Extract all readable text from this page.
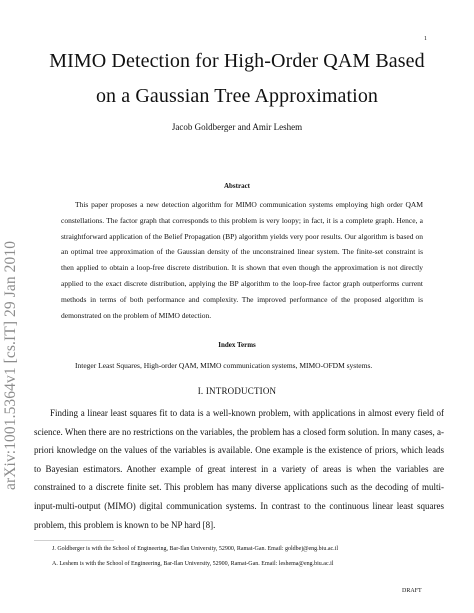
1
arXiv:1001.5364v1 [cs.IT] 29 Jan 2010
MIMO Detection for High-Order QAM Based
on a Gaussian Tree Approximation
Jacob Goldberger and Amir Leshem
Abstract

This paper proposes a new detection algorithm for MIMO communication systems employing high order QAM constellations. The factor graph that corresponds to this problem is very loopy; in fact, it is a complete graph. Hence, a straightforward application of the Belief Propagation (BP) algorithm yields very poor results. Our algorithm is based on an optimal tree approximation of the Gaussian density of the unconstrained linear system. The finite-set constraint is then applied to obtain a loop-free discrete distribution. It is shown that even though the approximation is not directly applied to the exact discrete distribution, applying the BP algorithm to the loop-free factor graph outperforms current methods in terms of both performance and complexity. The improved performance of the proposed algorithm is demonstrated on the problem of MIMO detection.

Index Terms

Integer Least Squares, High-order QAM, MIMO communication systems, MIMO-OFDM systems.

I. INTRODUCTION

Finding a linear least squares fit to data is a well-known problem, with applications in almost every field of science. When there are no restrictions on the variables, the problem has a closed form solution. In many cases, a-priori knowledge on the values of the variables is available. One example is the existence of priors, which leads to Bayesian estimators. Another example of great interest in a variety of areas is when the variables are constrained to a discrete finite set. This problem has many diverse applications such as the decoding of multi-input-multi-output (MIMO) digital communication systems. In contrast to the continuous linear least squares problem, this problem is known to be NP hard [8].

J. Goldberger is with the School of Engineering, Bar-Ilan University, 52900, Ramat-Gan. Email: goldbej@eng.biu.ac.il

A. Leshem is with the School of Engineering, Bar-Ilan University, 52900, Ramat-Gan. Email: leshema@eng.biu.ac.il

DRAFT
